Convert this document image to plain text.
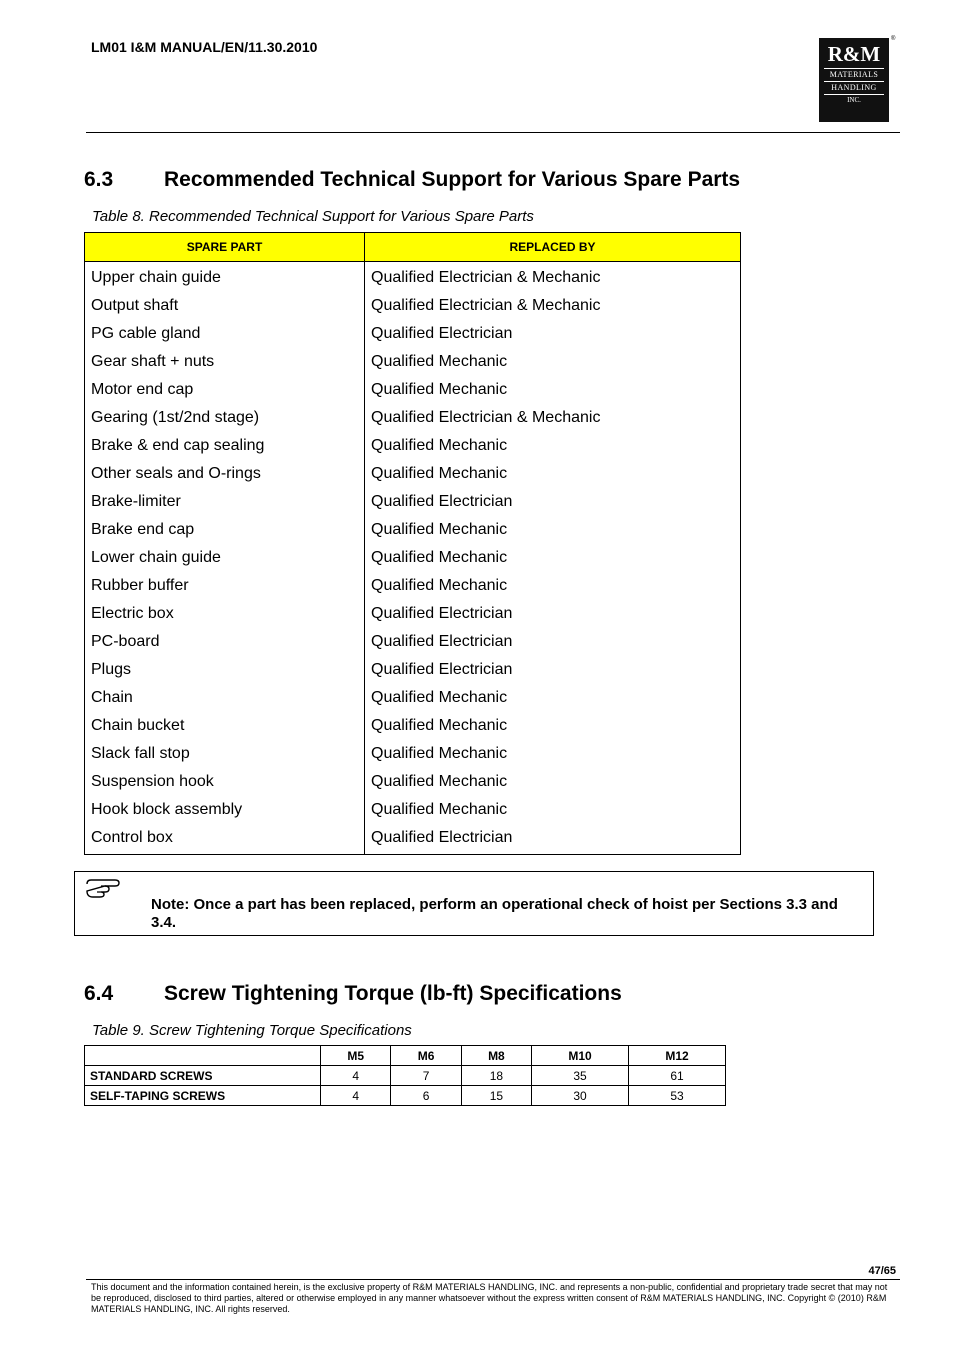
LM01 I&M MANUAL/EN/11.30.2010	R&M
MATERIALS
HANDLING
INC.
®
6.3 Recommended Technical Support for Various Spare Parts
Table 8. Recommended Technical Support for Various Spare Parts
SPARE PART	REPLACED BY
Upper chain guide	Qualified Electrician & Mechanic
Output shaft	Qualified Electrician & Mechanic
PG cable gland	Qualified Electrician
Gear shaft + nuts	Qualified Mechanic
Motor end cap	Qualified Mechanic
Gearing (1st/2nd stage)	Qualified Electrician & Mechanic
Brake & end cap sealing	Qualified Mechanic
Other seals and O-rings	Qualified Mechanic
Brake-limiter	Qualified Electrician
Brake end cap	Qualified Mechanic
Lower chain guide	Qualified Mechanic
Rubber buffer	Qualified Mechanic
Electric box	Qualified Electrician
PC-board	Qualified Electrician
Plugs	Qualified Electrician
Chain	Qualified Mechanic
Chain bucket	Qualified Mechanic
Slack fall stop	Qualified Mechanic
Suspension hook	Qualified Mechanic
Hook block assembly	Qualified Mechanic
Control box	Qualified Electrician
Note: Once a part has been replaced, perform an operational check of hoist per Sections 3.3 and 3.4.
6.4 Screw Tightening Torque (lb-ft) Specifications
Table 9. Screw Tightening Torque Specifications
	M5	M6	M8	M10	M12
STANDARD SCREWS	4	7	18	35	61
SELF-TAPING SCREWS	4	6	15	30	53
47/65
This document and the information contained herein, is the exclusive property of R&M MATERIALS HANDLING, INC. and represents a non-public, confidential and proprietary trade secret that may not be reproduced, disclosed to third parties, altered or otherwise employed in any manner whatsoever without the express written consent of R&M MATERIALS HANDLING, INC. Copyright © (2010) R&M MATERIALS HANDLING, INC. All rights reserved.
